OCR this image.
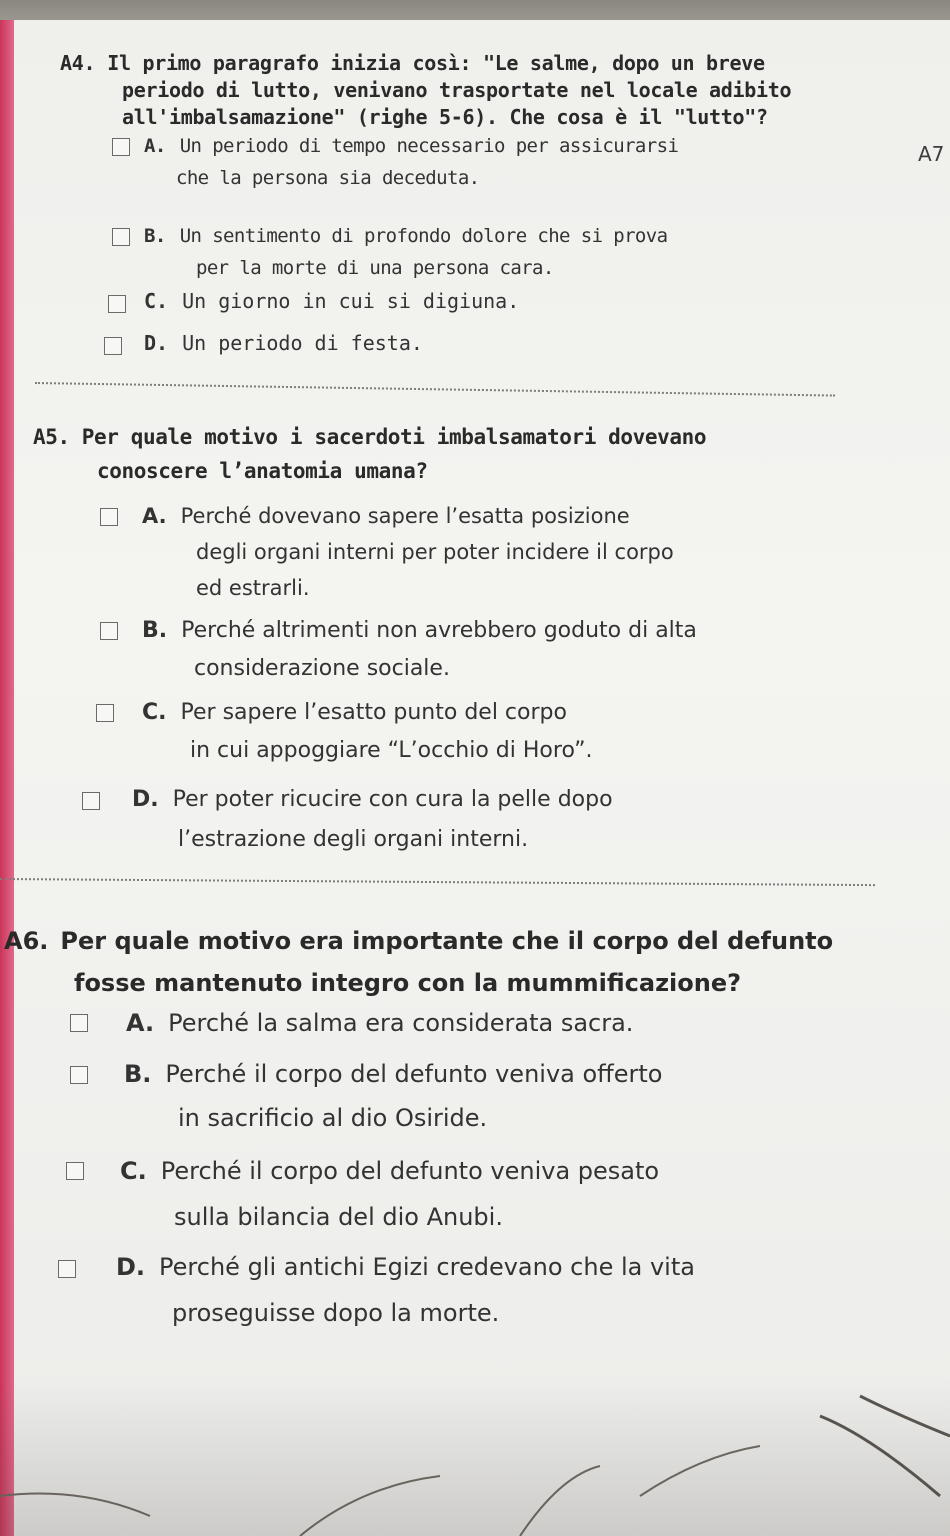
A7
A4. Il primo paragrafo inizia così: "Le salme, dopo un breve
periodo di lutto, venivano trasportate nel locale adibito
all'imbalsamazione" (righe 5-6). Che cosa è il "lutto"?
A. Un periodo di tempo necessario per assicurarsi
che la persona sia deceduta.
B. Un sentimento di profondo dolore che si prova
per la morte di una persona cara.
C. Un giorno in cui si digiuna.
D. Un periodo di festa.
A5. Per quale motivo i sacerdoti imbalsamatori dovevano
conoscere l’anatomia umana?
A. Perché dovevano sapere l’esatta posizione
degli organi interni per poter incidere il corpo
ed estrarli.
B. Perché altrimenti non avrebbero goduto di alta
considerazione sociale.
C. Per sapere l’esatto punto del corpo
in cui appoggiare “L’occhio di Horo”.
D. Per poter ricucire con cura la pelle dopo
l’estrazione degli organi interni.
A6. Per quale motivo era importante che il corpo del defunto
fosse mantenuto integro con la mummificazione?
A. Perché la salma era considerata sacra.
B. Perché il corpo del defunto veniva offerto
in sacrificio al dio Osiride.
C. Perché il corpo del defunto veniva pesato
sulla bilancia del dio Anubi.
D. Perché gli antichi Egizi credevano che la vita
proseguisse dopo la morte.
